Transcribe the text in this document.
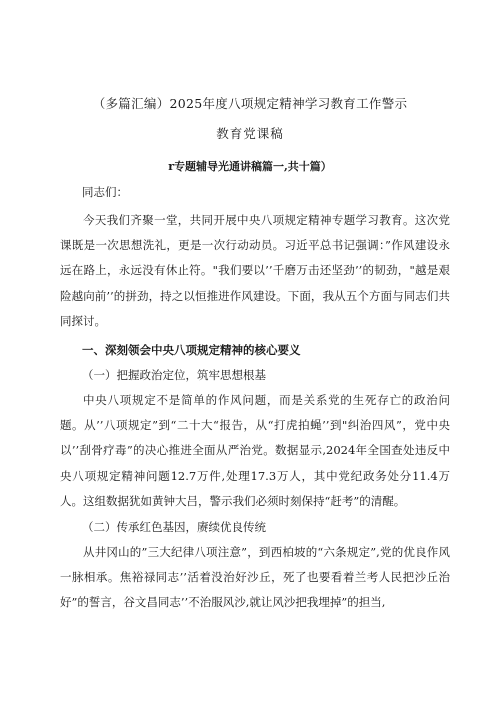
（多篇汇编）2025年度八项规定精神学习教育工作警示
教育党课稿
r专题辅导光通讲稿篇一,共十篇）
同志们：

今天我们齐聚一堂，共同开展中央八项规定精神专题学习教育。这次党课既是一次思想洗礼，更是一次行动动员。习近平总书记强调：”作风建设永远在路上，永远没有休止符。"我们要以’’千磨万击还坚劲’’的韧劲，"越是艰险越向前’’的拼劲，持之以恒推进作风建设。下面，我从五个方面与同志们共同探讨。

一、深刻领会中央八项规定精神的核心要义
（一）把握政治定位，筑牢思想根基

中央八项规定不是简单的作风问题，而是关系党的生死存亡的政治问题。从’’八项规定”到“二十大“报告，从“打虎拍蝇’’到"纠治四风”，党中央以’’刮骨疗毒”的决心推进全面从严治党。数据显示,2024年全国查处违反中央八项规定精神问题12.7万件,处理17.3万人，其中党纪政务处分11.4万人。这组数据犹如黄钟大吕，警示我们必须时刻保持“赶考”的清醒。

（二）传承红色基因，赓续优良传统

从井冈山的”三大纪律八项注意”，到西柏坡的“六条规定”,党的优良作风一脉相承。焦裕禄同志’’活着没治好沙丘，死了也要看着兰考人民把沙丘治好”的誓言，谷文昌同志’’不治服风沙,就让风沙把我埋掉”的担当,
